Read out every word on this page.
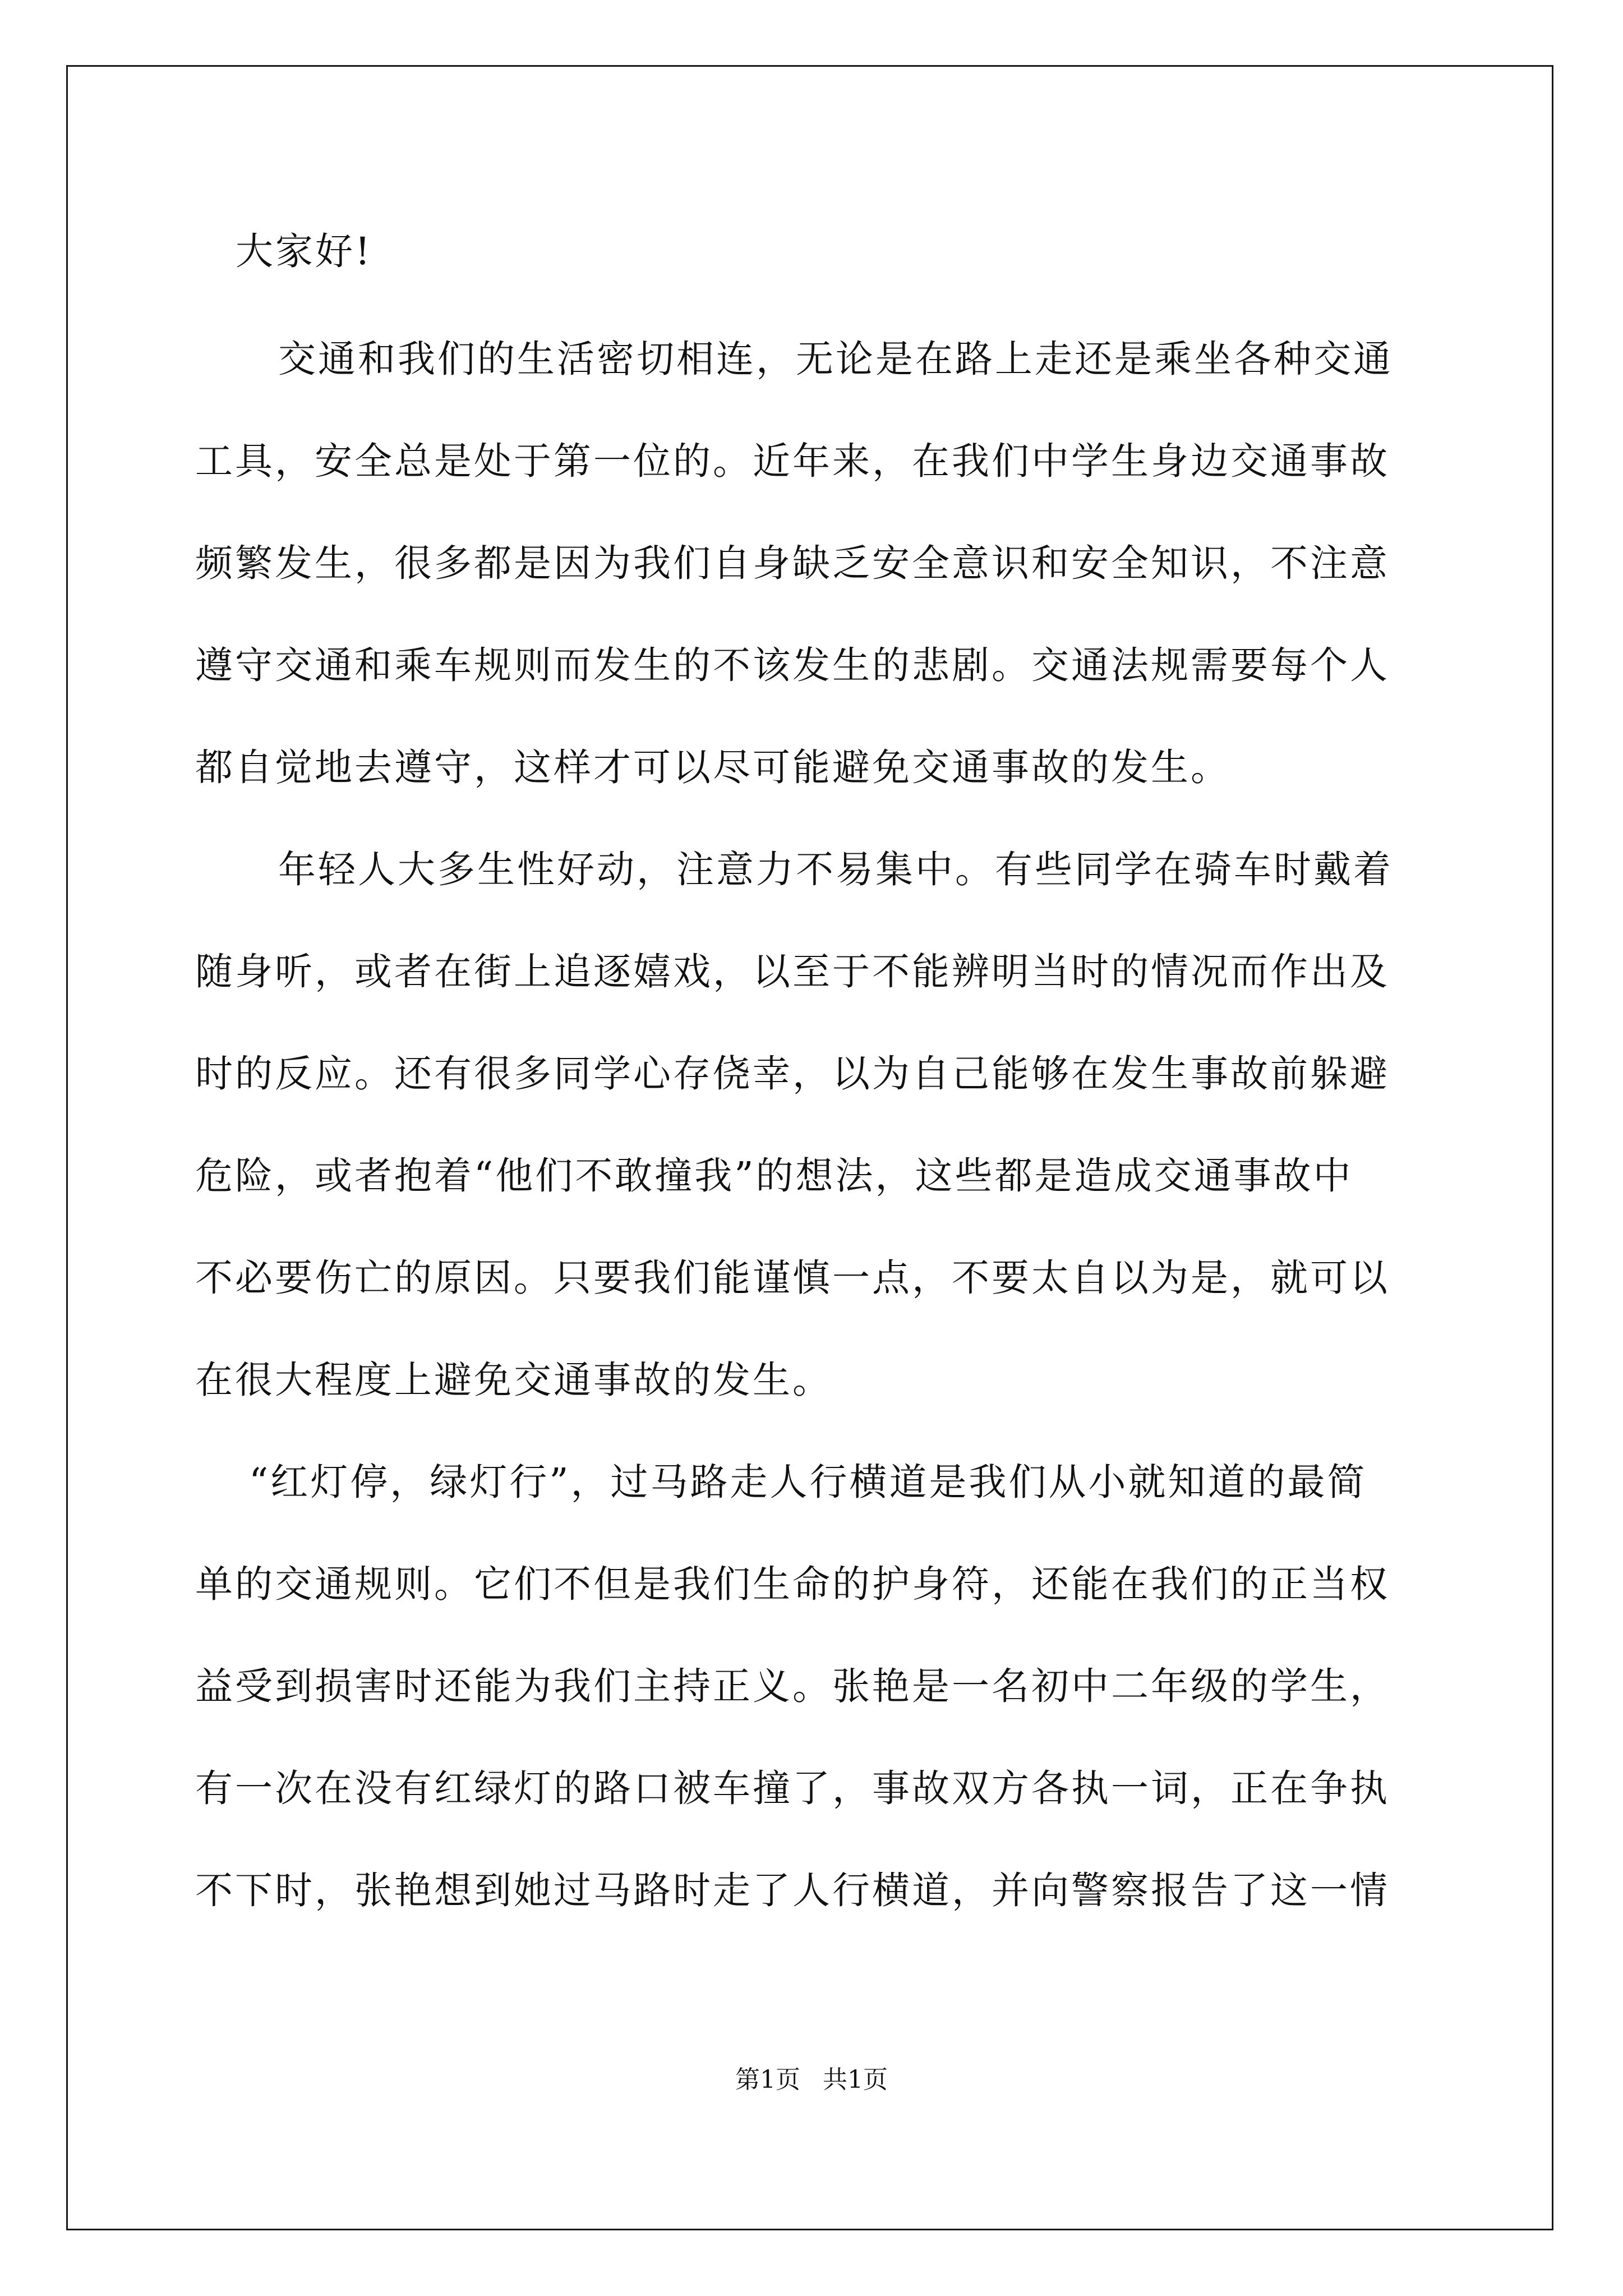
大家好!
交通和我们的生活密切相连，无论是在路上走还是乘坐各种交通
工具，安全总是处于第一位的。近年来，在我们中学生身边交通事故
频繁发生，很多都是因为我们自身缺乏安全意识和安全知识，不注意
遵守交通和乘车规则而发生的不该发生的悲剧。交通法规需要每个人
都自觉地去遵守，这样才可以尽可能避免交通事故的发生。
年轻人大多生性好动，注意力不易集中。有些同学在骑车时戴着
随身听，或者在街上追逐嬉戏，以至于不能辨明当时的情况而作出及
时的反应。还有很多同学心存侥幸，以为自己能够在发生事故前躲避
危险，或者抱着“他们不敢撞我”的想法，这些都是造成交通事故中
不必要伤亡的原因。只要我们能谨慎一点，不要太自以为是，就可以
在很大程度上避免交通事故的发生。
“红灯停，绿灯行”，过马路走人行横道是我们从小就知道的最简
单的交通规则。它们不但是我们生命的护身符，还能在我们的正当权
益受到损害时还能为我们主持正义。张艳是一名初中二年级的学生，
有一次在没有红绿灯的路口被车撞了，事故双方各执一词，正在争执
不下时，张艳想到她过马路时走了人行横道，并向警察报告了这一情
第1页 共1页
